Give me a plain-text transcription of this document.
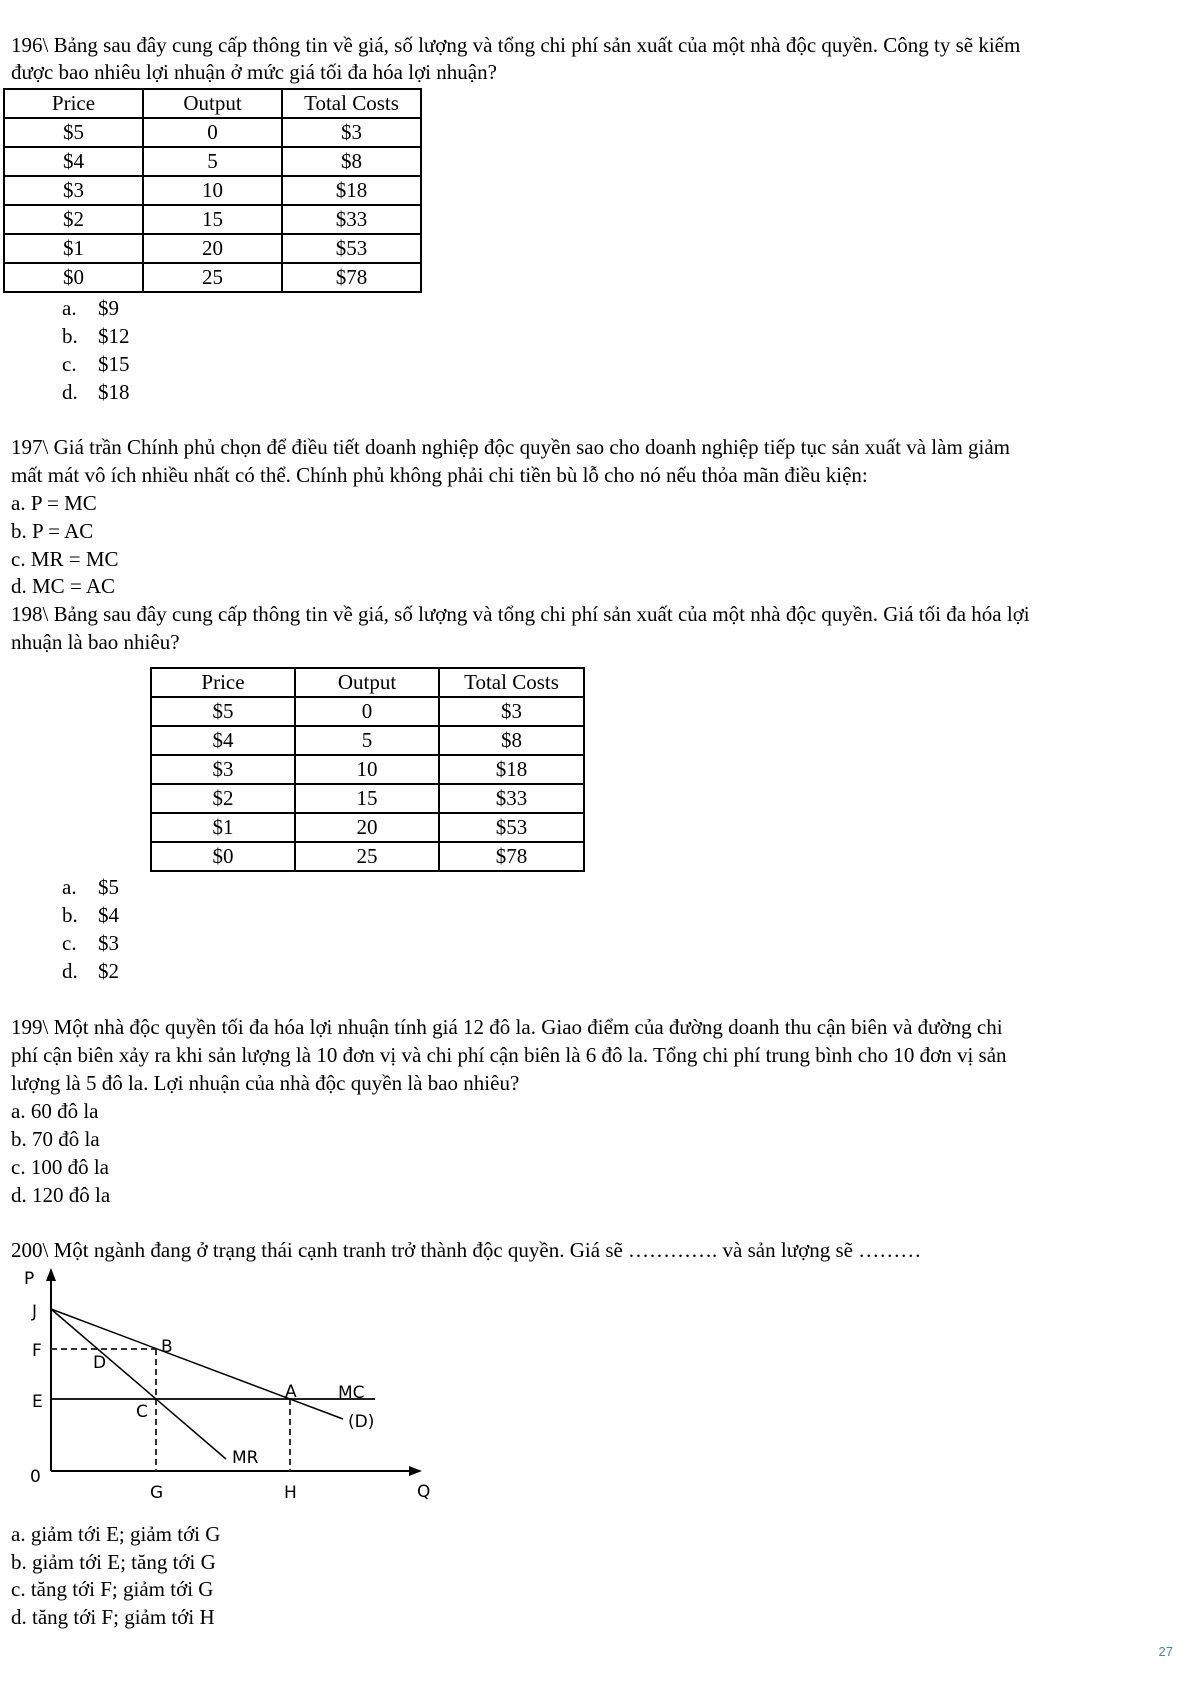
196\ Bảng sau đây cung cấp thông tin về giá, số lượng và tổng chi phí sản xuất của một nhà độc quyền. Công ty sẽ kiếm
được bao nhiêu lợi nhuận ở mức giá tối đa hóa lợi nhuận?
Price	Output	Total Costs
$5	0	$3
$4	5	$8
$3	10	$18
$2	15	$33
$1	20	$53
$0	25	$78
a. $9
b. $12
c. $15
d. $18
197\ Giá trần Chính phủ chọn để điều tiết doanh nghiệp độc quyền sao cho doanh nghiệp tiếp tục sản xuất và làm giảm
mất mát vô ích nhiều nhất có thể. Chính phủ không phải chi tiền bù lỗ cho nó nếu thỏa mãn điều kiện:
a. P = MC
b. P = AC
c. MR = MC
d. MC = AC
198\ Bảng sau đây cung cấp thông tin về giá, số lượng và tổng chi phí sản xuất của một nhà độc quyền. Giá tối đa hóa lợi
nhuận là bao nhiêu?
Price	Output	Total Costs
$5	0	$3
$4	5	$8
$3	10	$18
$2	15	$33
$1	20	$53
$0	25	$78
a. $5
b. $4
c. $3
d. $2
199\ Một nhà độc quyền tối đa hóa lợi nhuận tính giá 12 đô la. Giao điểm của đường doanh thu cận biên và đường chi
phí cận biên xảy ra khi sản lượng là 10 đơn vị và chi phí cận biên là 6 đô la. Tổng chi phí trung bình cho 10 đơn vị sản
lượng là 5 đô la. Lợi nhuận của nhà độc quyền là bao nhiêu?
a. 60 đô la
b. 70 đô la
c. 100 đô la
d. 120 đô la
200\ Một ngành đang ở trạng thái cạnh tranh trở thành độc quyền. Giá sẽ …………. và sản lượng sẽ ………
P
J
F
E
0
G	H	Q
B
D
A
C
MC
(D)
MR
a. giảm tới E; giảm tới G
b. giảm tới E; tăng tới G
c. tăng tới F; giảm tới G
d. tăng tới F; giảm tới H
27
